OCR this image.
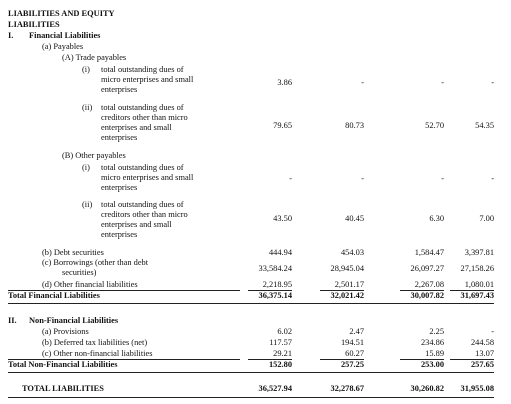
LIABILITIES AND EQUITY
LIABILITIES
I. Financial Liabilities
(a) Payables
(A) Trade payables
(i) total outstanding dues of
micro enterprises and small
enterprises
3.86	-	-	-
(ii) total outstanding dues of
creditors other than micro
enterprises and small
enterprises
79.65	80.73	52.70	54.35
(B) Other payables
(i) total outstanding dues of
micro enterprises and small
enterprises
-	-	-	-
(ii) total outstanding dues of
creditors other than micro
enterprises and small
enterprises
43.50	40.45	6.30	7.00
(b) Debt securities	444.94	454.03	1,584.47	3,397.81
(c) Borrowings (other than debt
securities)	33,584.24	28,945.04	26,097.27	27,158.26
(d) Other financial liabilities	2,218.95	2,501.17	2,267.08	1,080.01
Total Financial Liabilities	36,375.14	32,021.42	30,007.82	31,697.43
II. Non-Financial Liabilities
(a) Provisions	6.02	2.47	2.25	-
(b) Deferred tax liabilities (net)	117.57	194.51	234.86	244.58
(c) Other non-financial liabilities	29.21	60.27	15.89	13.07
Total Non-Financial Liabilities	152.80	257.25	253.00	257.65
TOTAL LIABILITIES	36,527.94	32,278.67	30,260.82	31,955.08
